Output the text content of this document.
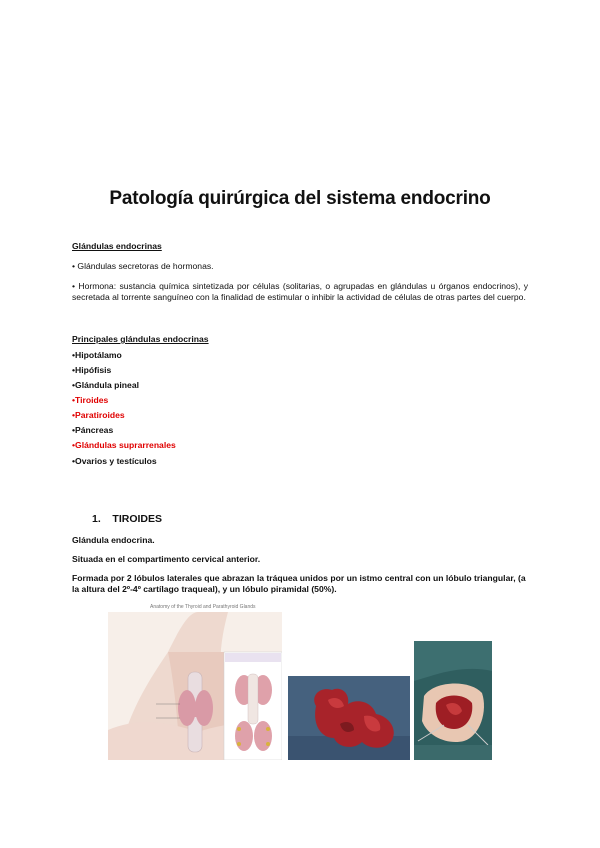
Patología quirúrgica del sistema endocrino
Glándulas endocrinas
• Glándulas secretoras de hormonas.
• Hormona: sustancia química sintetizada por células (solitarias, o agrupadas en glándulas u órganos endocrinos), y secretada al torrente sanguíneo con la finalidad de estimular o inhibir la actividad de células de otras partes del cuerpo.
Principales glándulas endocrinas
•Hipotálamo
•Hipófisis
•Glándula pineal
•Tiroides
•Paratiroides
•Páncreas
•Glándulas suprarrenales
•Ovarios y testículos
1.    TIROIDES
Glándula endocrina.
Situada en el compartimento cervical anterior.
Formada por 2 lóbulos laterales que abrazan la tráquea unidos por un istmo central con un lóbulo triangular, (a la altura del 2º-4º cartílago traqueal), y un lóbulo piramidal (50%).
Anatomy of the Thyroid and Parathyroid Glands
